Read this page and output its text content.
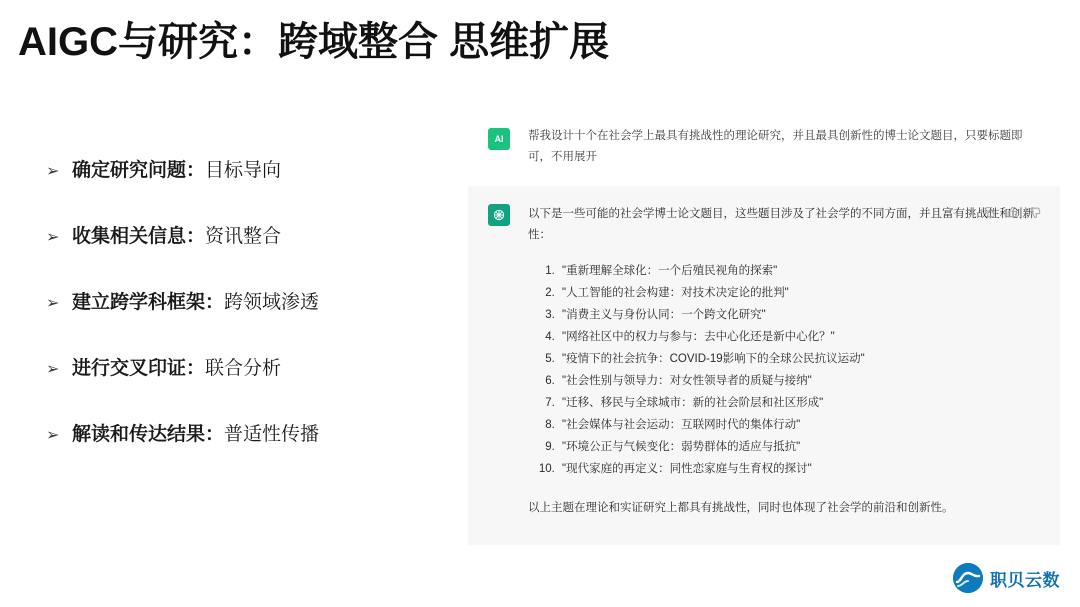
AIGC与研究：跨域整合 思维扩展
➢ 确定研究问题：目标导向
➢ 收集相关信息：资讯整合
➢ 建立跨学科框架：跨领域渗透
➢ 进行交叉印证：联合分析
➢ 解读和传达结果：普适性传播
AI	帮我设计十个在社会学上最具有挑战性的理论研究，并且最具创新性的博士论文题目，只要标题即可，不用展开
以下是一些可能的社会学博士论文题目，这些题目涉及了社会学的不同方面，并且富有挑战性和创新性：
1. "重新理解全球化：一个后殖民视角的探索"
2. "人工智能的社会构建：对技术决定论的批判"
3. "消费主义与身份认同：一个跨文化研究"
4. "网络社区中的权力与参与：去中心化还是新中心化？"
5. "疫情下的社会抗争：COVID-19影响下的全球公民抗议运动"
6. "社会性别与领导力：对女性领导者的质疑与接纳"
7. "迁移、移民与全球城市：新的社会阶层和社区形成"
8. "社会媒体与社会运动：互联网时代的集体行动"
9. "环境公正与气候变化：弱势群体的适应与抵抗"
10. "现代家庭的再定义：同性恋家庭与生育权的探讨"
以上主题在理论和实证研究上都具有挑战性，同时也体现了社会学的前沿和创新性。
职贝云数
